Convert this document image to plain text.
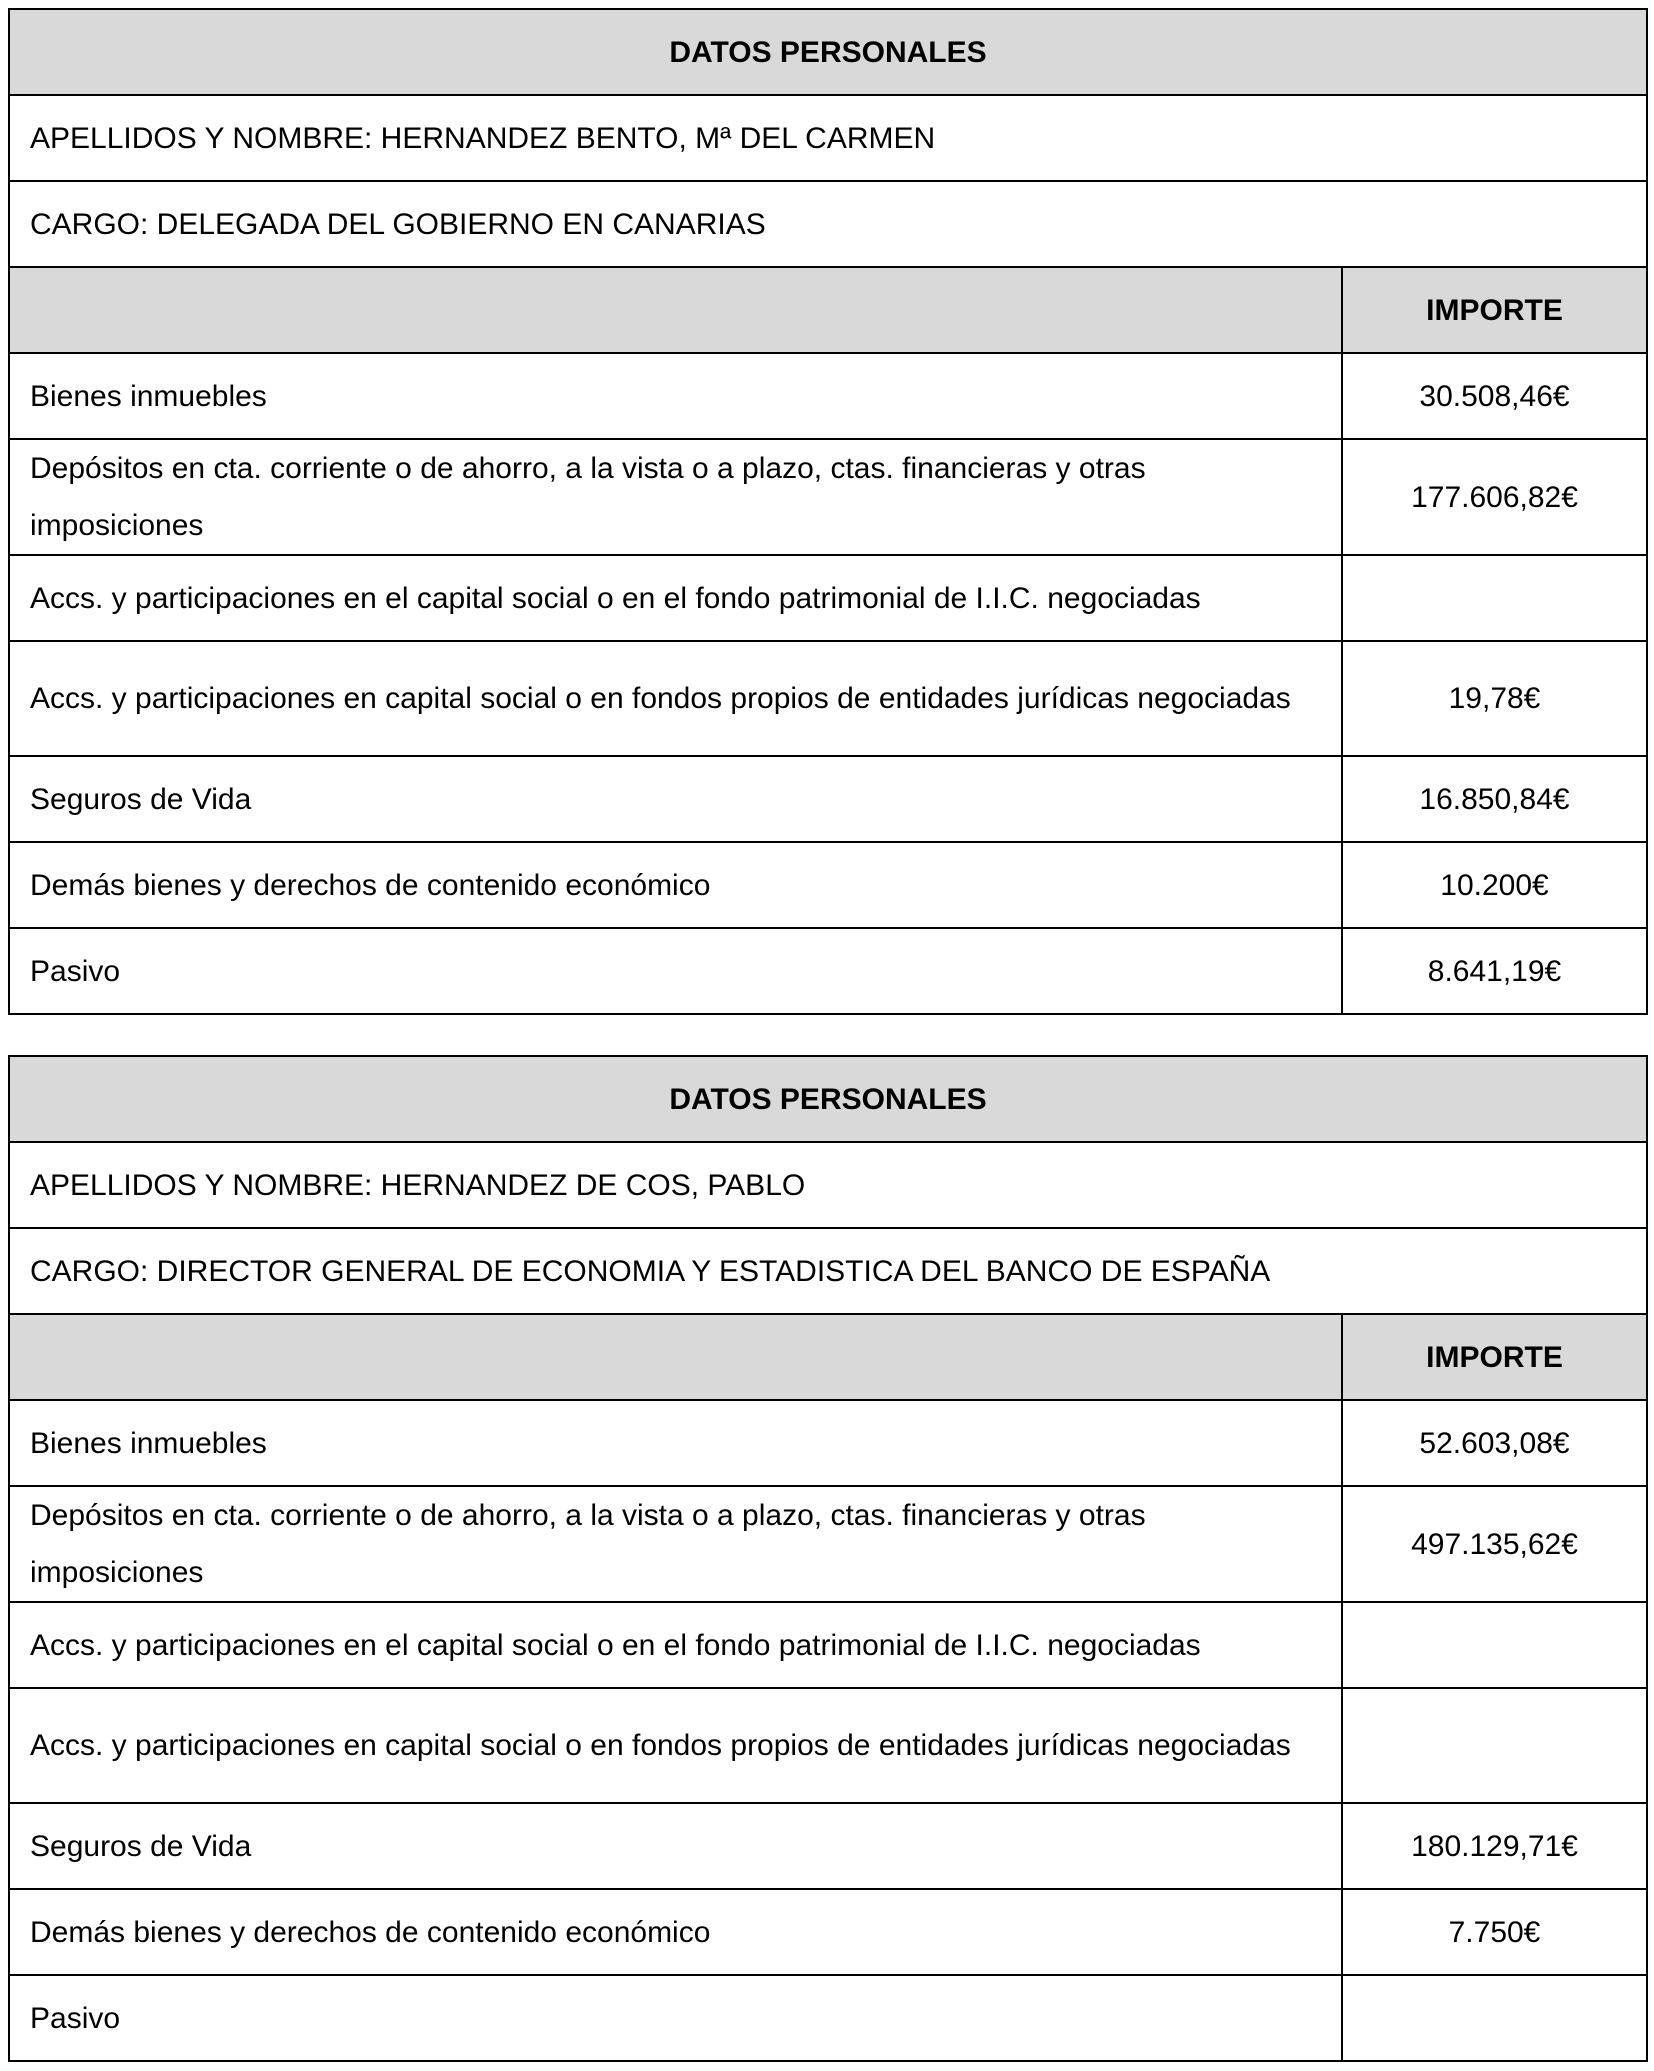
DATOS PERSONALES	
APELLIDOS Y NOMBRE: HERNANDEZ BENTO, Mª DEL CARMEN	
CARGO: DELEGADA DEL GOBIERNO EN CANARIAS	
	IMPORTE
Bienes inmuebles	30.508,46€
Depósitos en cta. corriente o de ahorro, a la vista o a plazo, ctas. financieras y otras imposiciones	177.606,82€
Accs. y participaciones en el capital social o en el fondo patrimonial de I.I.C. negociadas	
Accs. y participaciones en capital social o en fondos propios de entidades jurídicas negociadas	19,78€
Seguros de Vida	16.850,84€
Demás bienes y derechos de contenido económico	10.200€
Pasivo	8.641,19€
DATOS PERSONALES	
APELLIDOS Y NOMBRE: HERNANDEZ DE COS, PABLO	
CARGO: DIRECTOR GENERAL DE ECONOMIA Y ESTADISTICA DEL BANCO DE ESPAÑA	
	IMPORTE
Bienes inmuebles	52.603,08€
Depósitos en cta. corriente o de ahorro, a la vista o a plazo, ctas. financieras y otras imposiciones	497.135,62€
Accs. y participaciones en el capital social o en el fondo patrimonial de I.I.C. negociadas	
Accs. y participaciones en capital social o en fondos propios de entidades jurídicas negociadas	
Seguros de Vida	180.129,71€
Demás bienes y derechos de contenido económico	7.750€
Pasivo	
